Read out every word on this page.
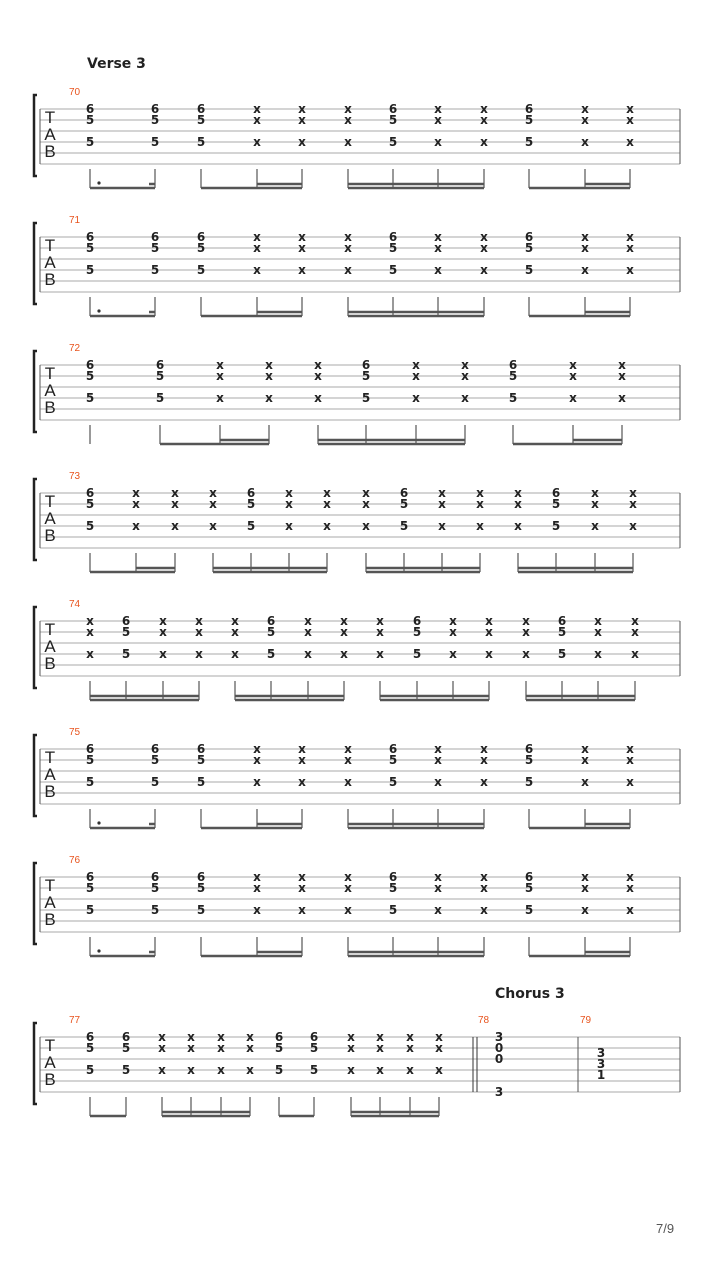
T
A
B
70
6
5
5
6
5
5
6
5
5
x
x
x
x
x
x
x
x
x
6
5
5
x
x
x
x
x
x
6
5
5
x
x
x
x
x
x
T
A
B
71
6
5
5
6
5
5
6
5
5
x
x
x
x
x
x
x
x
x
6
5
5
x
x
x
x
x
x
6
5
5
x
x
x
x
x
x
T
A
B
72
6
5
5
6
5
5
x
x
x
x
x
x
x
x
x
6
5
5
x
x
x
x
x
x
6
5
5
x
x
x
x
x
x
T
A
B
73
6
5
5
x
x
x
x
x
x
x
x
x
6
5
5
x
x
x
x
x
x
x
x
x
6
5
5
x
x
x
x
x
x
x
x
x
6
5
5
x
x
x
x
x
x
T
A
B
74
x
x
x
6
5
5
x
x
x
x
x
x
x
x
x
6
5
5
x
x
x
x
x
x
x
x
x
6
5
5
x
x
x
x
x
x
x
x
x
6
5
5
x
x
x
x
x
x
T
A
B
75
6
5
5
6
5
5
6
5
5
x
x
x
x
x
x
x
x
x
6
5
5
x
x
x
x
x
x
6
5
5
x
x
x
x
x
x
T
A
B
76
6
5
5
6
5
5
6
5
5
x
x
x
x
x
x
x
x
x
6
5
5
x
x
x
x
x
x
6
5
5
x
x
x
x
x
x
T
A
B
77	78	79
6
5
5
6
5
5
x
x
x
x
x
x
x
x
x
x
x
x
6
5
5
6
5
5
x
x
x
x
x
x
x
x
x
x
x
x
3
0
0
3
3
3
1
Verse 3
Chorus 3
7/9
